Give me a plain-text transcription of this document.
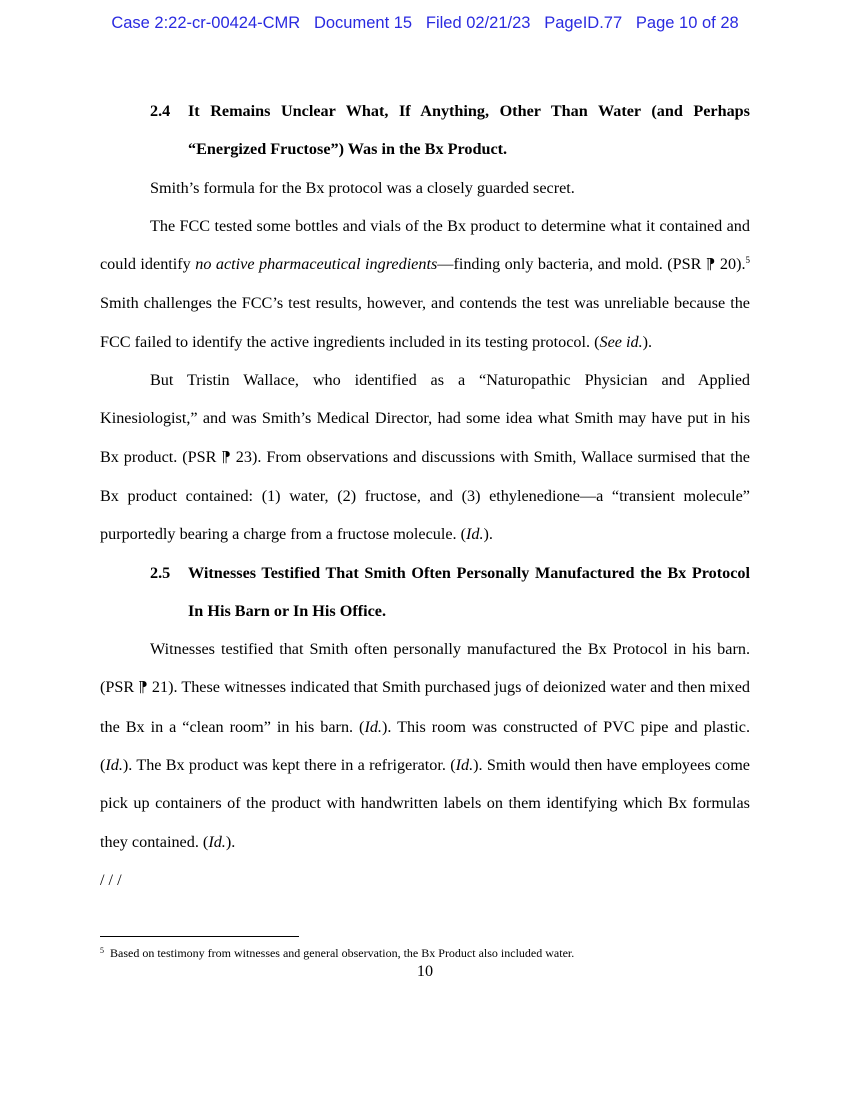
Case 2:22-cr-00424-CMR   Document 15   Filed 02/21/23   PageID.77   Page 10 of 28
2.4 It Remains Unclear What, If Anything, Other Than Water (and Perhaps “Energized Fructose”) Was in the Bx Product.

Smith’s formula for the Bx protocol was a closely guarded secret.

The FCC tested some bottles and vials of the Bx product to determine what it contained and could identify no active pharmaceutical ingredients—finding only bacteria, and mold. (PSR ⁋ 20).$^5$ Smith challenges the FCC’s test results, however, and contends the test was unreliable because the FCC failed to identify the active ingredients included in its testing protocol. (See id.).

But Tristin Wallace, who identified as a “Naturopathic Physician and Applied Kinesiologist,” and was Smith’s Medical Director, had some idea what Smith may have put in his Bx product. (PSR ⁋ 23). From observations and discussions with Smith, Wallace surmised that the Bx product contained: (1) water, (2) fructose, and (3) ethylenedione—a “transient molecule” purportedly bearing a charge from a fructose molecule. (Id.).

2.5 Witnesses Testified That Smith Often Personally Manufactured the Bx Protocol In His Barn or In His Office.

Witnesses testified that Smith often personally manufactured the Bx Protocol in his barn. (PSR ⁋ 21). These witnesses indicated that Smith purchased jugs of deionized water and then mixed the Bx in a “clean room” in his barn. (Id.). This room was constructed of PVC pipe and plastic. (Id.). The Bx product was kept there in a refrigerator. (Id.). Smith would then have employees come pick up containers of the product with handwritten labels on them identifying which Bx formulas they contained. (Id.).

/ / /

$^5$ Based on testimony from witnesses and general observation, the Bx Product also included water.
10
